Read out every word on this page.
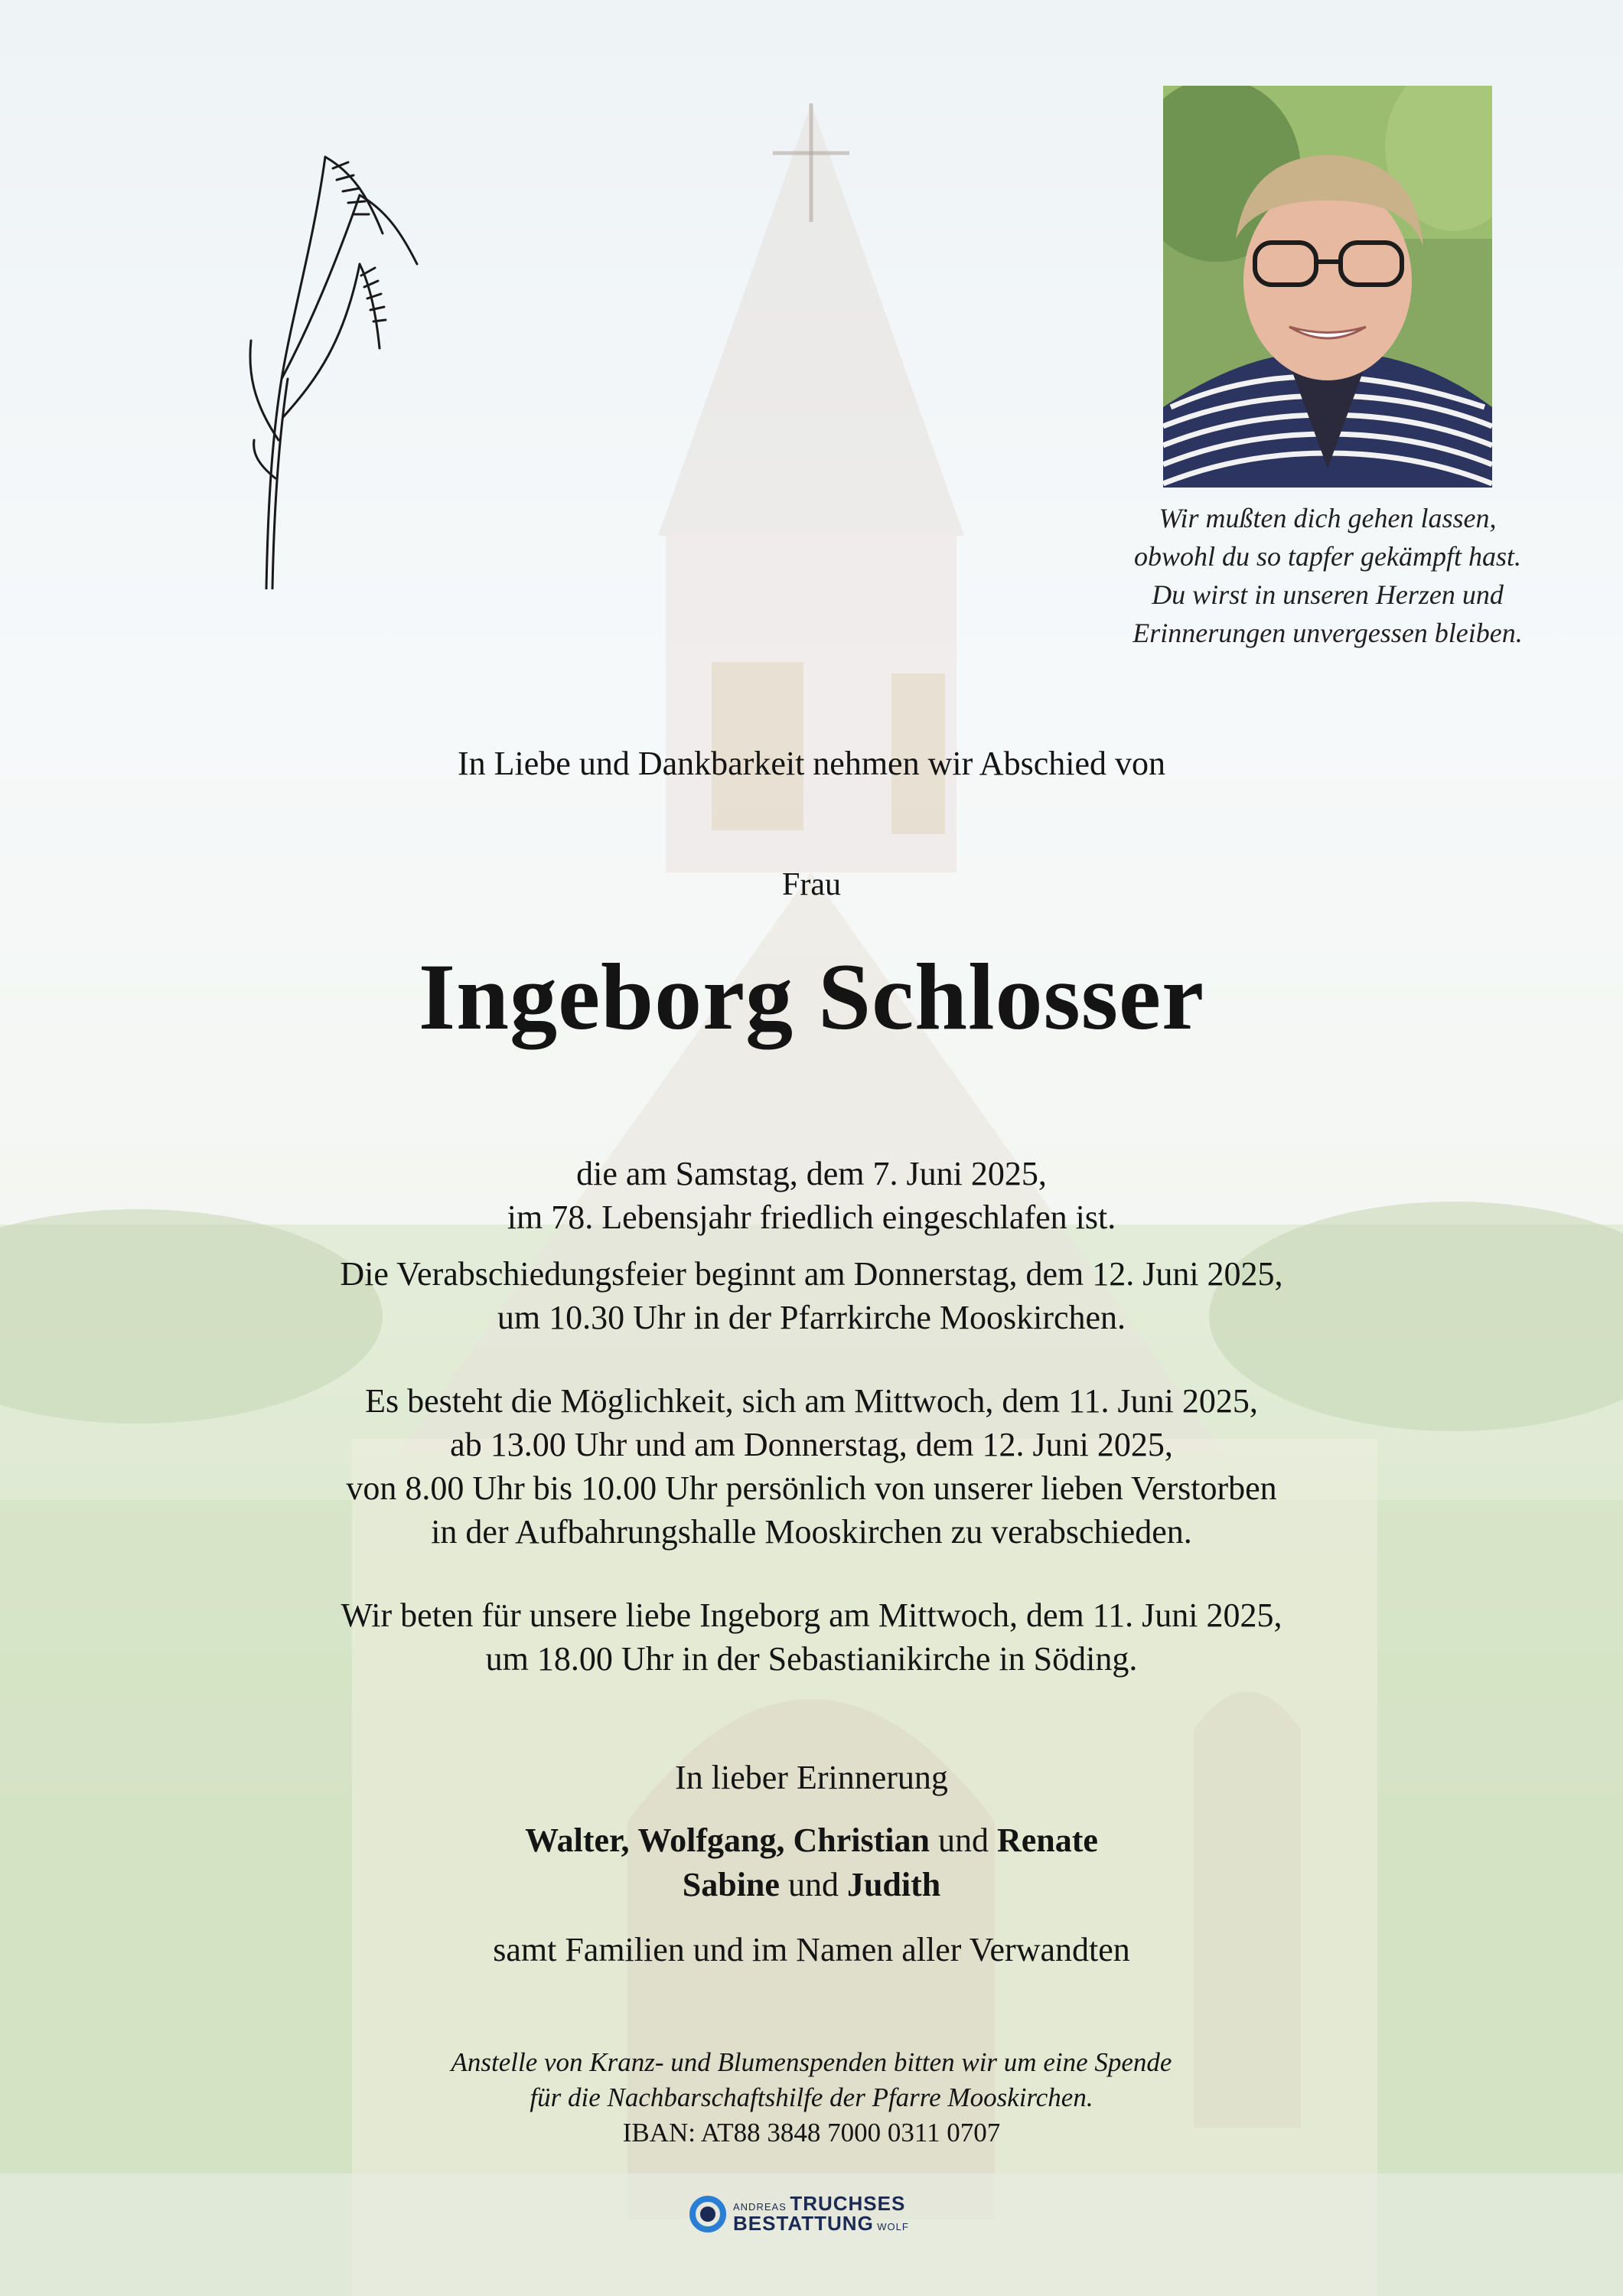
Wir mußten dich gehen lassen,
obwohl du so tapfer gekämpft hast.
Du wirst in unseren Herzen und
Erinnerungen unvergessen bleiben.
In Liebe und Dankbarkeit nehmen wir Abschied von
Frau
Ingeborg Schlosser
die am Samstag, dem 7. Juni 2025,
im 78. Lebensjahr friedlich eingeschlafen ist.
Die Verabschiedungsfeier beginnt am Donnerstag, dem 12. Juni 2025,
um 10.30 Uhr in der Pfarrkirche Mooskirchen.
Es besteht die Möglichkeit, sich am Mittwoch, dem 11. Juni 2025,
ab 13.00 Uhr und am Donnerstag, dem 12. Juni 2025,
von 8.00 Uhr bis 10.00 Uhr persönlich von unserer lieben Verstorben
in der Aufbahrungshalle Mooskirchen zu verabschieden.
Wir beten für unsere liebe Ingeborg am Mittwoch, dem 11. Juni 2025,
um 18.00 Uhr in der Sebastianikirche in Söding.
In lieber Erinnerung
Walter, Wolfgang, Christian und Renate
Sabine und Judith
samt Familien und im Namen aller Verwandten
Anstelle von Kranz- und Blumenspenden bitten wir um eine Spende
für die Nachbarschaftshilfe der Pfarre Mooskirchen.
IBAN: AT88 3848 7000 0311 0707
ANDREAS TRUCHSES
BESTATTUNG WOLF
